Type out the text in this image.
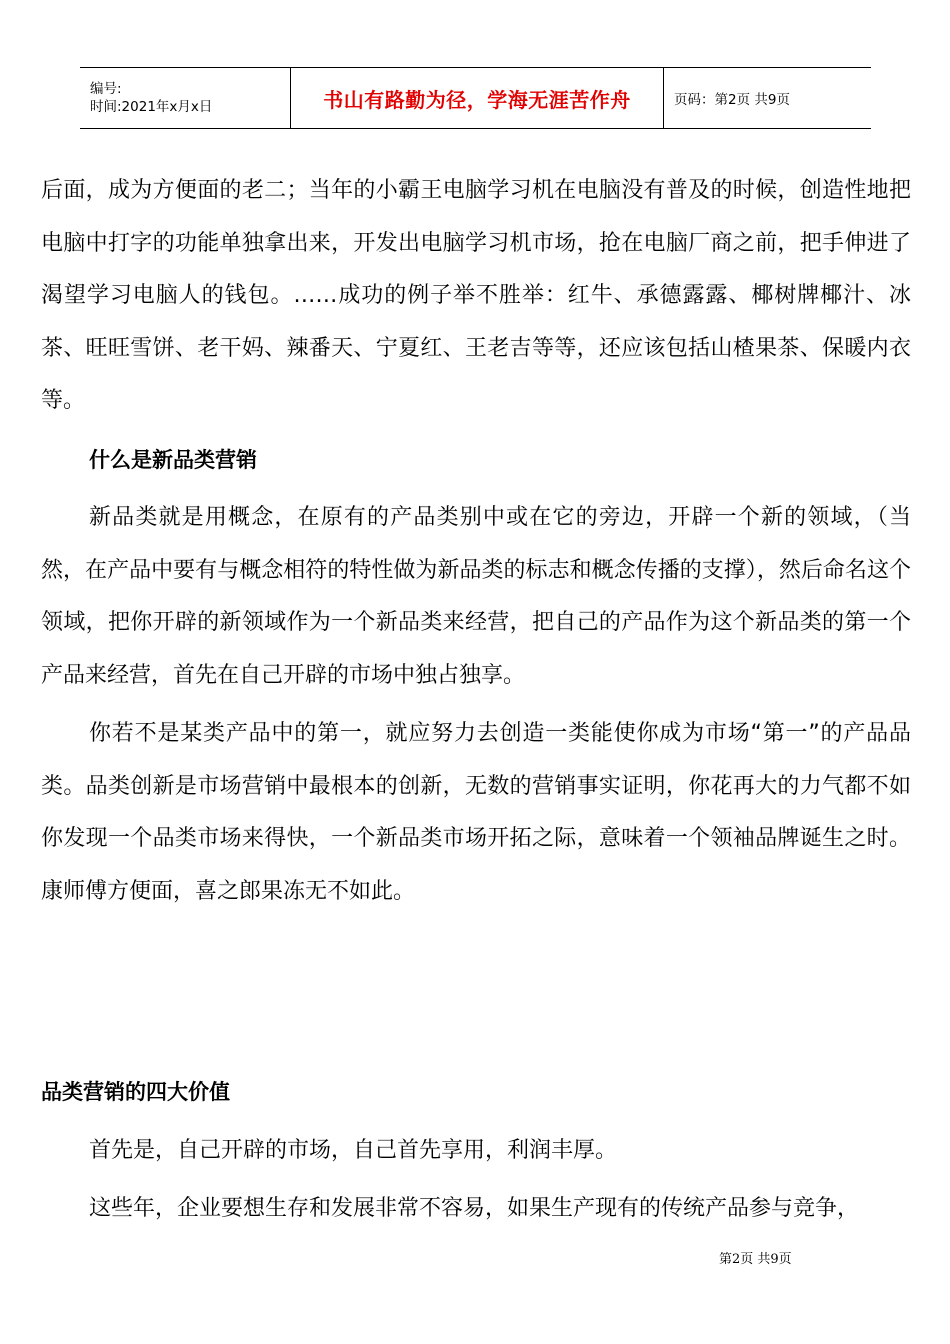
编号:
时间:2021年x月x日	书山有路勤为径，学海无涯苦作舟	页码：第2页 共9页

后面，成为方便面的老二；当年的小霸王电脑学习机在电脑没有普及的时候，创造性地把电脑中打字的功能单独拿出来，开发出电脑学习机市场，抢在电脑厂商之前，把手伸进了渴望学习电脑人的钱包。……成功的例子举不胜举：红牛、承德露露、椰树牌椰汁、冰茶、旺旺雪饼、老干妈、辣番天、宁夏红、王老吉等等，还应该包括山楂果茶、保暖内衣等。

什么是新品类营销

新品类就是用概念，在原有的产品类别中或在它的旁边，开辟一个新的领域，（当然，在产品中要有与概念相符的特性做为新品类的标志和概念传播的支撑），然后命名这个领域，把你开辟的新领域作为一个新品类来经营，把自己的产品作为这个新品类的第一个产品来经营，首先在自己开辟的市场中独占独享。

你若不是某类产品中的第一，就应努力去创造一类能使你成为市场“第一”的产品品类。品类创新是市场营销中最根本的创新，无数的营销事实证明，你花再大的力气都不如你发现一个品类市场来得快，一个新品类市场开拓之际，意味着一个领袖品牌诞生之时。康师傅方便面，喜之郎果冻无不如此。

品类营销的四大价值

首先是，自己开辟的市场，自己首先享用，利润丰厚。

这些年，企业要想生存和发展非常不容易，如果生产现有的传统产品参与竞争，

第2页 共9页
